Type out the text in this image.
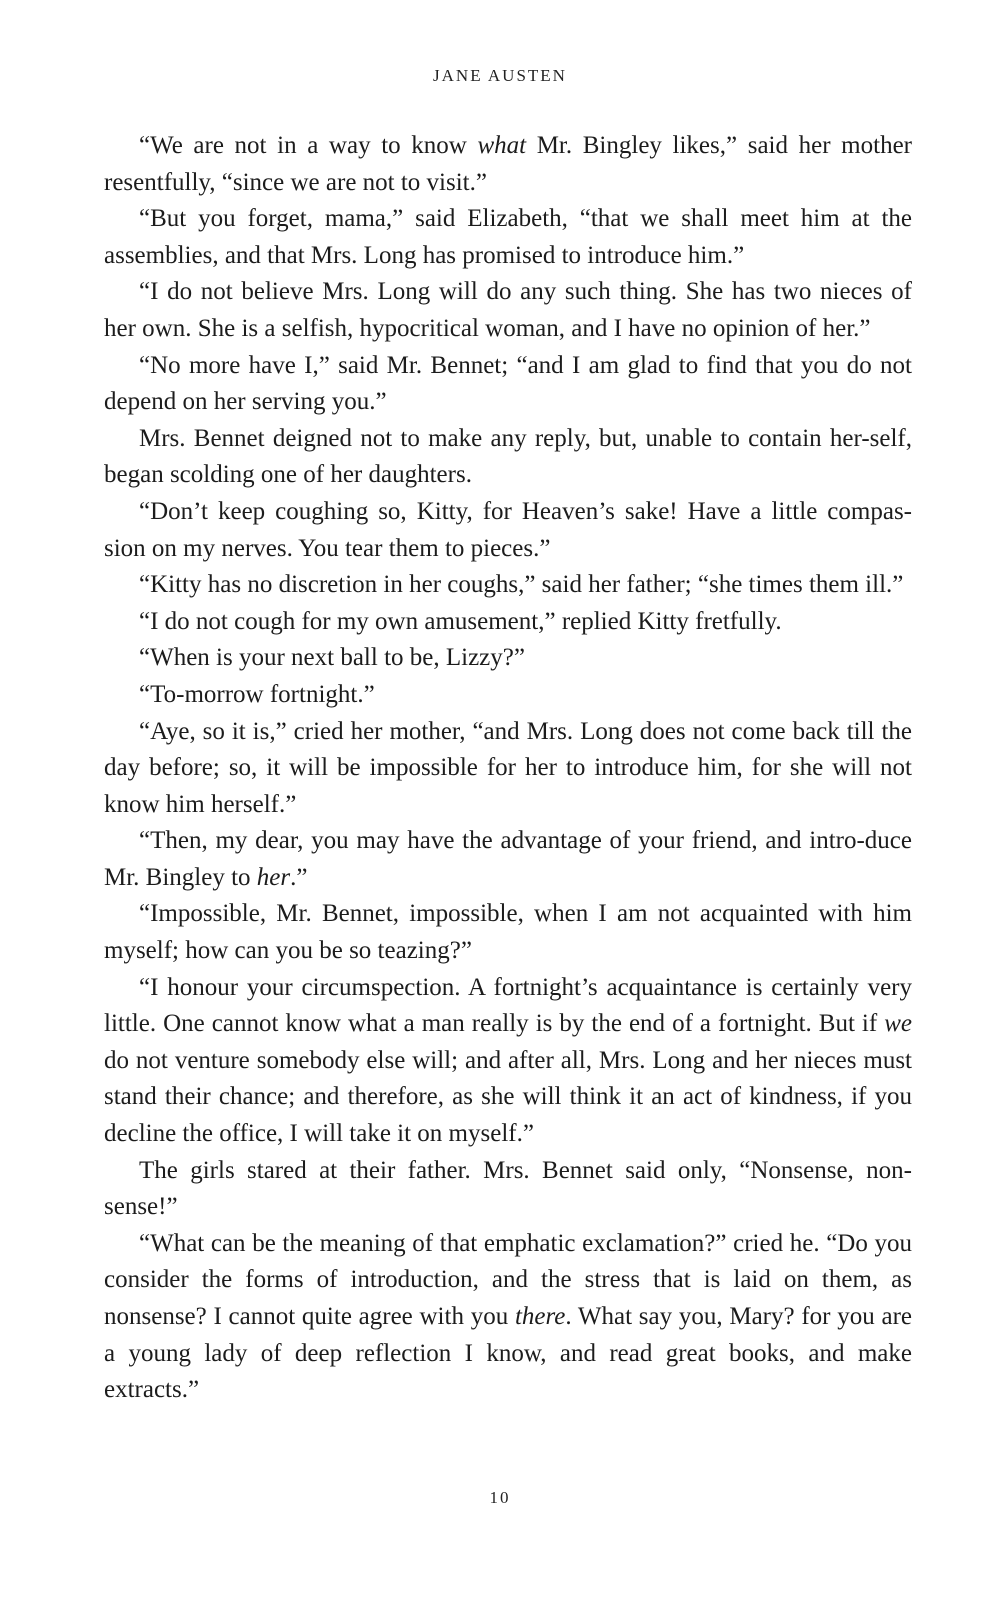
JANE AUSTEN

“We are not in a way to know what Mr. Bingley likes,” said her mother resentfully, “since we are not to visit.”

“But you forget, mama,” said Elizabeth, “that we shall meet him at the assemblies, and that Mrs. Long has promised to introduce him.”

“I do not believe Mrs. Long will do any such thing. She has two nieces of her own. She is a selfish, hypocritical woman, and I have no opinion of her.”

“No more have I,” said Mr. Bennet; “and I am glad to find that you do not depend on her serving you.”

Mrs. Bennet deigned not to make any reply, but, unable to contain her-self, began scolding one of her daughters.

“Don’t keep coughing so, Kitty, for Heaven’s sake! Have a little compas-sion on my nerves. You tear them to pieces.”

“Kitty has no discretion in her coughs,” said her father; “she times them ill.”

“I do not cough for my own amusement,” replied Kitty fretfully.

“When is your next ball to be, Lizzy?”

“To-morrow fortnight.”

“Aye, so it is,” cried her mother, “and Mrs. Long does not come back till the day before; so, it will be impossible for her to introduce him, for she will not know him herself.”

“Then, my dear, you may have the advantage of your friend, and intro-duce Mr. Bingley to her.”

“Impossible, Mr. Bennet, impossible, when I am not acquainted with him myself; how can you be so teazing?”

“I honour your circumspection. A fortnight’s acquaintance is certainly very little. One cannot know what a man really is by the end of a fortnight. But if we do not venture somebody else will; and after all, Mrs. Long and her nieces must stand their chance; and therefore, as she will think it an act of kindness, if you decline the office, I will take it on myself.”

The girls stared at their father. Mrs. Bennet said only, “Nonsense, non-sense!”

“What can be the meaning of that emphatic exclamation?” cried he. “Do you consider the forms of introduction, and the stress that is laid on them, as nonsense? I cannot quite agree with you there. What say you, Mary? for you are a young lady of deep reflection I know, and read great books, and make extracts.”

10
